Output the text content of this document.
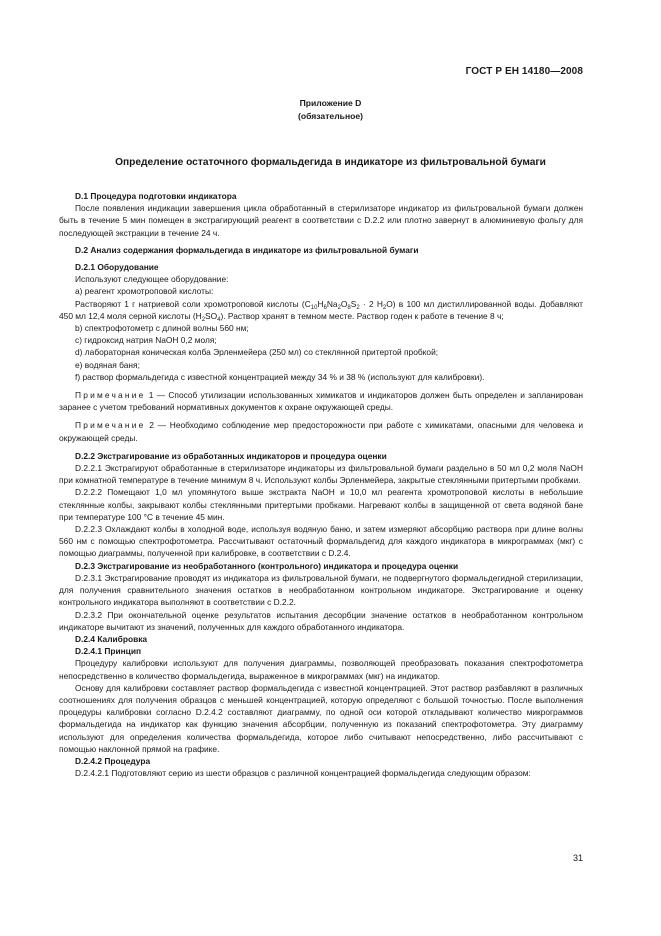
ГОСТ Р ЕН 14180—2008
Приложение D
(обязательное)
Определение остаточного формальдегида в индикаторе из фильтровальной бумаги

D.1 Процедура подготовки индикатора

После появления индикации завершения цикла обработанный в стерилизаторе индикатор из фильтровальной бумаги должен быть в течение 5 мин помещен в экстрагирующий реагент в соответствии с D.2.2 или плотно завернут в алюминиевую фольгу для последующей экстракции в течение 24 ч.

D.2 Анализ содержания формальдегида в индикаторе из фильтровальной бумаги

D.2.1 Оборудование

Используют следующее оборудование:

а) реагент хромотроповой кислоты:

Растворяют 1 г натриевой соли хромотроповой кислоты ($C_{10}H_6Na_2O_8S_2 \cdot 2$ $H_2O$) в 100 мл дистиллированной воды. Добавляют 450 мл 12,4 моля серной кислоты $(H_2SO_4)$. Раствор хранят в темном месте. Раствор годен к работе в течение 8 ч;

b) спектрофотометр с длиной волны 560 нм;

с) гидроксид натрия NaOH 0,2 моля;

d) лабораторная коническая колба Эрленмейера (250 мл) со стеклянной притертой пробкой;

е) водяная баня;

f) раствор формальдегида с известной концентрацией между 34 % и 38 % (используют для калибровки).

Примечание 1 — Способ утилизации использованных химикатов и индикаторов должен быть определен и запланирован заранее с учетом требований нормативных документов к охране окружающей среды.

Примечание 2 — Необходимо соблюдение мер предосторожности при работе с химикатами, опасными для человека и окружающей среды.

D.2.2 Экстрагирование из обработанных индикаторов и процедура оценки

D.2.2.1 Экстрагируют обработанные в стерилизаторе индикаторы из фильтровальной бумаги раздельно в 50 мл 0,2 моля NaOH при комнатной температуре в течение минимум 8 ч. Используют колбы Эрленмейера, закрытые стеклянными притертыми пробками.

D.2.2.2 Помещают 1,0 мл упомянутого выше экстракта NaOH и 10,0 мл реагента хромотроповой кислоты в небольшие стеклянные колбы, закрывают колбы стеклянными притертыми пробками. Нагревают колбы в защищенной от света водяной бане при температуре 100 °C в течение 45 мин.

D.2.2.3 Охлаждают колбы в холодной воде, используя водяную баню, и затем измеряют абсорбцию раствора при длине волны 560 нм с помощью спектрофотометра. Рассчитывают остаточный формальдегид для каждого индикатора в микрограммах (мкг) с помощью диаграммы, полученной при калибровке, в соответствии с D.2.4.

D.2.3 Экстрагирование из необработанного (контрольного) индикатора и процедура оценки

D.2.3.1 Экстрагирование проводят из индикатора из фильтровальной бумаги, не подвергнутого формальдегидной стерилизации, для получения сравнительного значения остатков в необработанном контрольном индикаторе. Экстрагирование и оценку контрольного индикатора выполняют в соответствии с D.2.2.

D.2.3.2 При окончательной оценке результатов испытания десорбции значение остатков в необработанном контрольном индикаторе вычитают из значений, полученных для каждого обработанного индикатора.

D.2.4 Калибровка

D.2.4.1 Принцип

Процедуру калибровки используют для получения диаграммы, позволяющей преобразовать показания спектрофотометра непосредственно в количество формальдегида, выраженное в микрограммах (мкг) на индикатор.

Основу для калибровки составляет раствор формальдегида с известной концентрацией. Этот раствор разбавляют в различных соотношениях для получения образцов с меньшей концентрацией, которую определяют с большой точностью. После выполнения процедуры калибровки согласно D.2.4.2 составляют диаграмму, по одной оси которой откладывают количество микрограммов формальдегида на индикатор как функцию значения абсорбции, полученную из показаний спектрофотометра. Эту диаграмму используют для определения количества формальдегида, которое либо считывают непосредственно, либо рассчитывают с помощью наклонной прямой на графике.

D.2.4.2 Процедура

D.2.4.2.1 Подготовляют серию из шести образцов с различной концентрацией формальдегида следующим образом:

31
